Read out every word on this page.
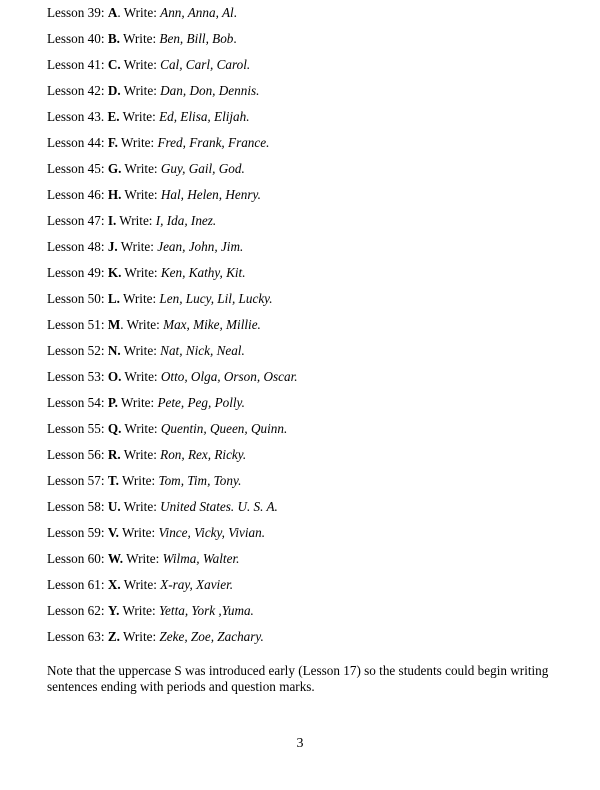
Lesson 39: A. Write: Ann, Anna, Al.
Lesson 40: B. Write: Ben, Bill, Bob.
Lesson 41: C. Write: Cal, Carl, Carol.
Lesson 42: D. Write: Dan, Don, Dennis.
Lesson 43. E. Write: Ed, Elisa, Elijah.
Lesson 44: F. Write: Fred, Frank, France.
Lesson 45: G. Write: Guy, Gail, God.
Lesson 46: H. Write: Hal, Helen, Henry.
Lesson 47: I. Write: I, Ida, Inez.
Lesson 48: J. Write: Jean, John, Jim.
Lesson 49: K. Write: Ken, Kathy, Kit.
Lesson 50: L. Write: Len, Lucy, Lil, Lucky.
Lesson 51: M. Write: Max, Mike, Millie.
Lesson 52: N. Write: Nat, Nick, Neal.
Lesson 53: O. Write: Otto, Olga, Orson, Oscar.
Lesson 54: P. Write: Pete, Peg, Polly.
Lesson 55: Q. Write: Quentin, Queen, Quinn.
Lesson 56: R. Write: Ron, Rex, Ricky.
Lesson 57: T. Write: Tom, Tim, Tony.
Lesson 58: U. Write: United States. U. S. A.
Lesson 59: V. Write: Vince, Vicky, Vivian.
Lesson 60: W. Write: Wilma, Walter.
Lesson 61: X. Write: X-ray, Xavier.
Lesson 62: Y. Write: Yetta, York ,Yuma.
Lesson 63: Z. Write: Zeke, Zoe, Zachary.

Note that the uppercase S was introduced early (Lesson 17) so the students could begin writing sentences ending with periods and question marks.

3
